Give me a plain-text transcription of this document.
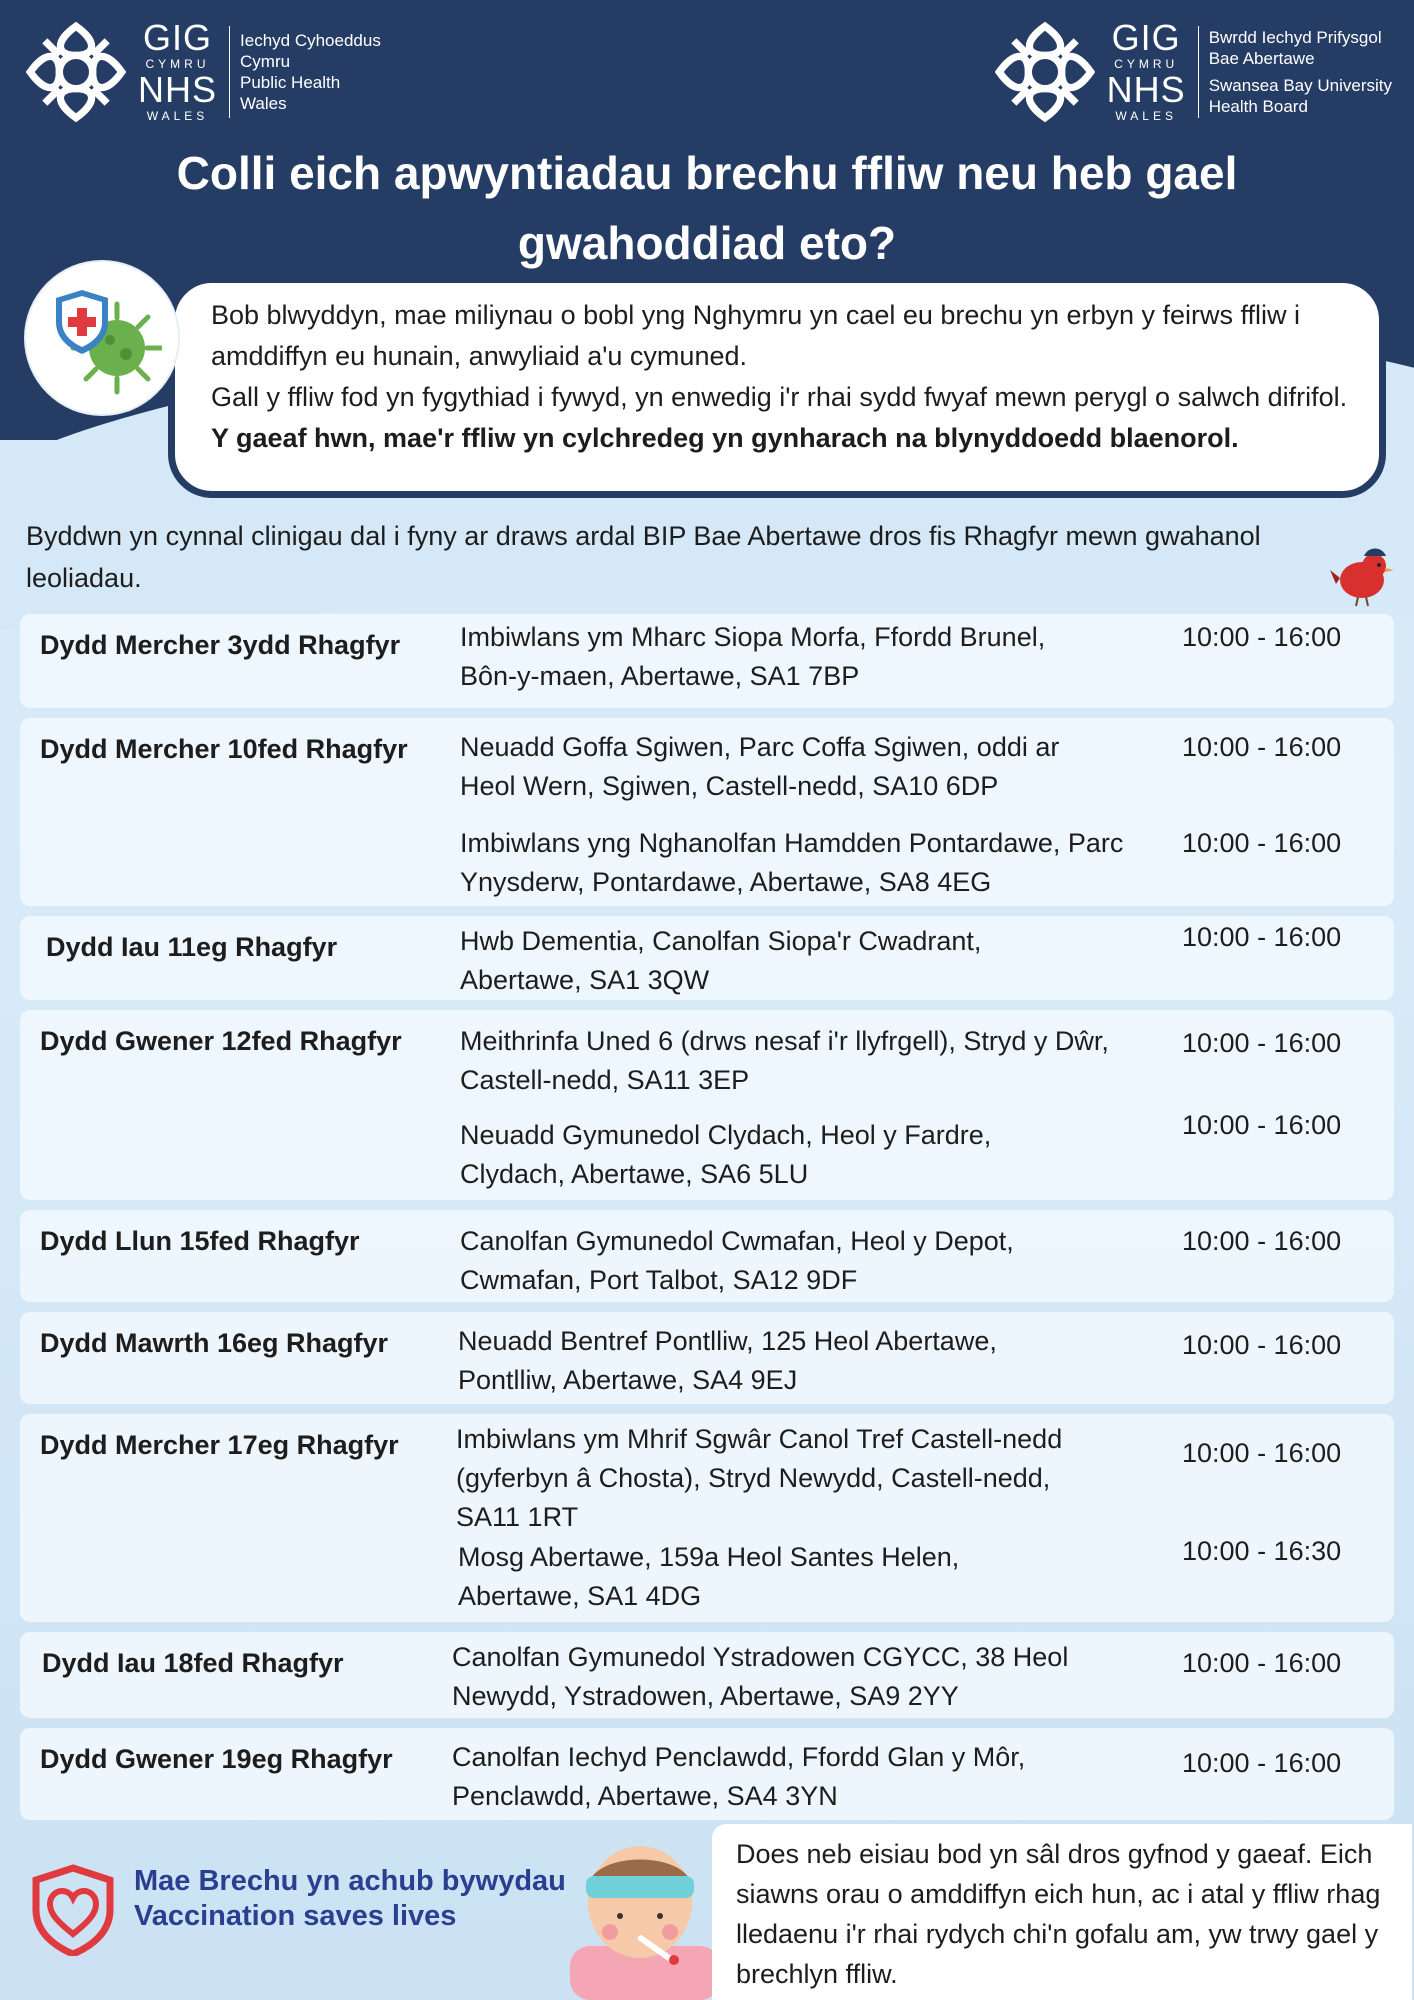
GIG
CYMRU
NHS
WALES
Iechyd Cyhoeddus
Cymru
Public Health
Wales
GIG
CYMRU
NHS
WALES
Bwrdd Iechyd Prifysgol
Bae Abertawe
Swansea Bay University
Health Board
Colli eich apwyntiadau brechu ffliw neu heb gael gwahoddiad eto?

Bob blwyddyn, mae miliynau o bobl yng Nghymru yn cael eu brechu yn erbyn y feirws ffliw i amddiffyn eu hunain, anwyliaid a'u cymuned.

Gall y ffliw fod yn fygythiad i fywyd, yn enwedig i'r rhai sydd fwyaf mewn perygl o salwch difrifol. Y gaeaf hwn, mae'r ffliw yn cylchredeg yn gynharach na blynyddoedd blaenorol.

Byddwn yn cynnal clinigau dal i fyny ar draws ardal BIP Bae Abertawe dros fis Rhagfyr mewn gwahanol leoliadau.

Dydd Mercher 3ydd Rhagfyr	Imbiwlans ym Mharc Siopa Morfa, Ffordd Brunel, Bôn-y-maen, Abertawe, SA1 7BP
10:00 - 16:00
Dydd Mercher 10fed Rhagfyr	Neuadd Goffa Sgiwen, Parc Coffa Sgiwen, oddi ar Heol Wern, Sgiwen, Castell-nedd, SA10 6DP
10:00 - 16:00
Imbiwlans yng Nghanolfan Hamdden Pontardawe, Parc Ynysderw, Pontardawe, Abertawe, SA8 4EG
10:00 - 16:00
Dydd Iau 11eg Rhagfyr	Hwb Dementia, Canolfan Siopa'r Cwadrant, Abertawe, SA1 3QW
10:00 - 16:00
Dydd Gwener 12fed Rhagfyr	Meithrinfa Uned 6 (drws nesaf i'r llyfrgell), Stryd y Dŵr, Castell-nedd, SA11 3EP
10:00 - 16:00
Neuadd Gymunedol Clydach, Heol y Fardre, Clydach, Abertawe, SA6 5LU
10:00 - 16:00
Dydd Llun 15fed Rhagfyr	Canolfan Gymunedol Cwmafan, Heol y Depot, Cwmafan, Port Talbot, SA12 9DF
10:00 - 16:00
Dydd Mawrth 16eg Rhagfyr	Neuadd Bentref Pontlliw, 125 Heol Abertawe, Pontlliw, Abertawe, SA4 9EJ
10:00 - 16:00
Dydd Mercher 17eg Rhagfyr	Imbiwlans ym Mhrif Sgwâr Canol Tref Castell-nedd (gyferbyn â Chosta), Stryd Newydd, Castell-nedd, SA11 1RT
10:00 - 16:00
Mosg Abertawe, 159a Heol Santes Helen, Abertawe, SA1 4DG
10:00 - 16:30
Dydd Iau 18fed Rhagfyr	Canolfan Gymunedol Ystradowen CGYCC, 38 Heol Newydd, Ystradowen, Abertawe, SA9 2YY
10:00 - 16:00
Dydd Gwener 19eg Rhagfyr	Canolfan Iechyd Penclawdd, Ffordd Glan y Môr, Penclawdd, Abertawe, SA4 3YN
10:00 - 16:00
Mae Brechu yn achub bywydau
Vaccination saves lives
Does neb eisiau bod yn sâl dros gyfnod y gaeaf. Eich siawns orau o amddiffyn eich hun, ac i atal y ffliw rhag lledaenu i'r rhai rydych chi'n gofalu am, yw trwy gael y brechlyn ffliw.
